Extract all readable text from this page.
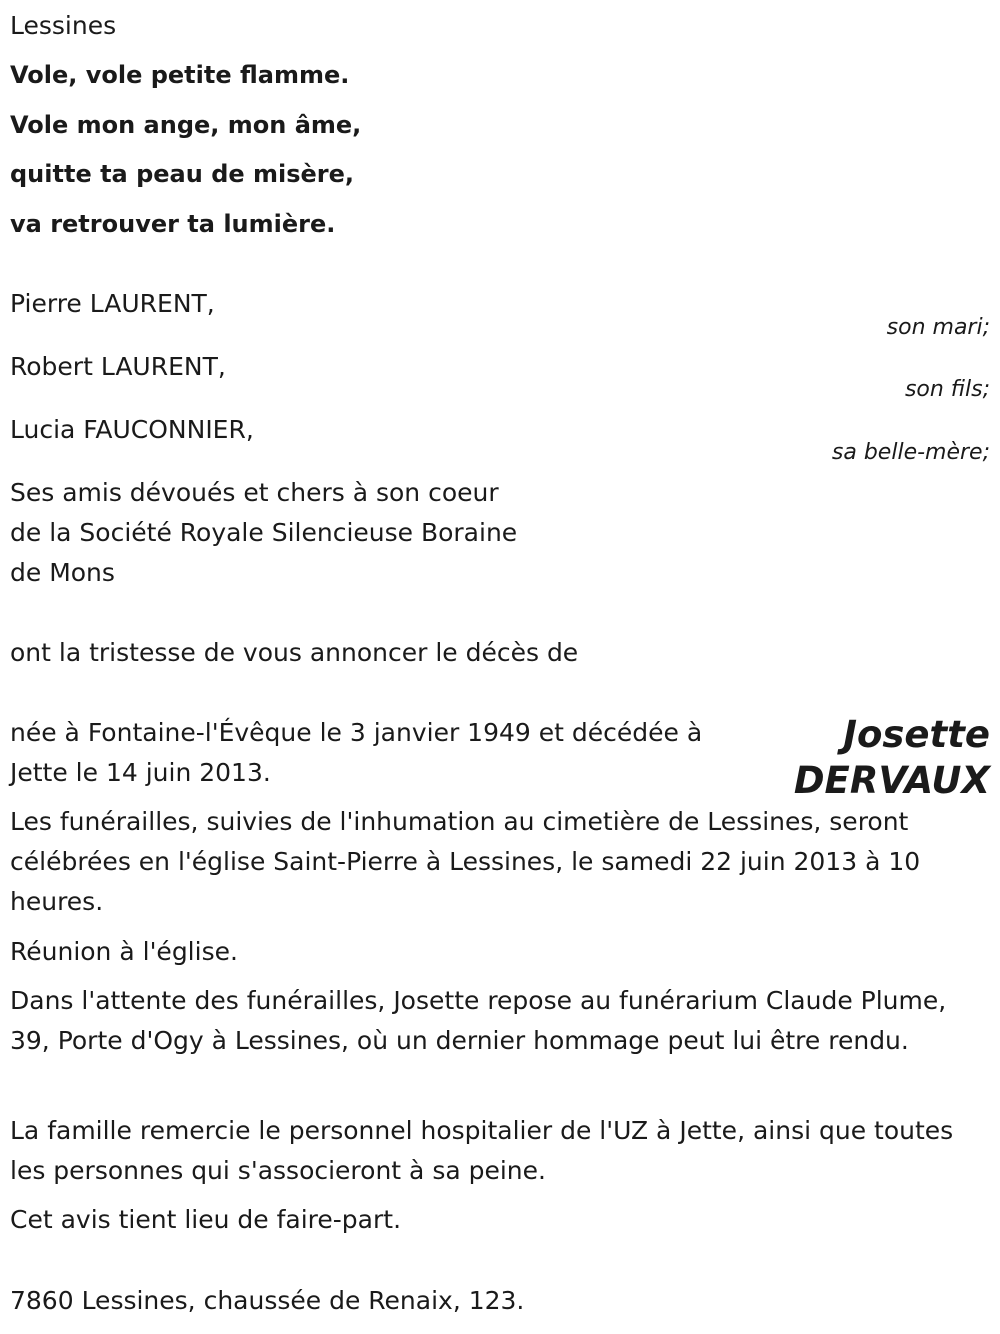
Lessines

Vole, vole petite flamme.

Vole mon ange, mon âme,

quitte ta peau de misère,

va retrouver ta lumière.

Pierre LAURENT,

son mari;

Robert LAURENT,

son fils;

Lucia FAUCONNIER,

sa belle-mère;
Ses amis dévoués et chers à son coeur
de la Société Royale Silencieuse Boraine
de Mons

ont la tristesse de vous annoncer le décès de

Josette
DERVAUX

née à Fontaine-l'Évêque le 3 janvier 1949 et décédée à Jette le 14 juin 2013.

Les funérailles, suivies de l'inhumation au cimetière de Lessines, seront célébrées en l'église Saint-Pierre à Lessines, le samedi 22 juin 2013 à 10 heures.

Réunion à l'église.

Dans l'attente des funérailles, Josette repose au funérarium Claude Plume, 39, Porte d'Ogy à Lessines, où un dernier hommage peut lui être rendu.

La famille remercie le personnel hospitalier de l'UZ à Jette, ainsi que toutes les personnes qui s'associeront à sa peine.

Cet avis tient lieu de faire-part.

7860 Lessines, chaussée de Renaix, 123.
